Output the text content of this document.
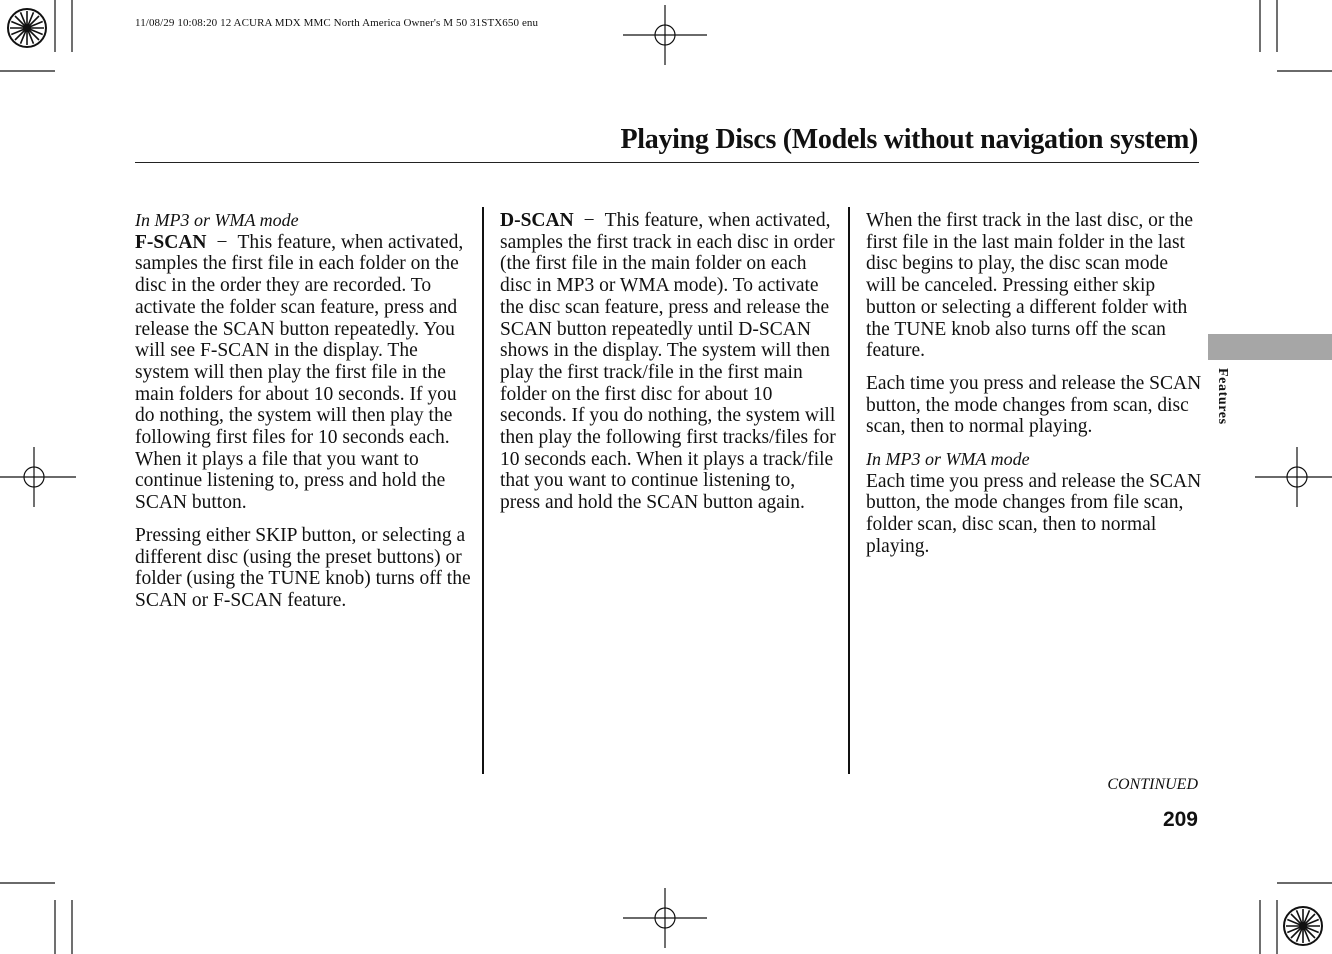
11/08/29 10:08:20 12 ACURA MDX MMC North America Owner's M 50 31STX650 enu
Playing Discs (Models without navigation system)
Features

In MP3 or WMA mode
F-SCAN − This feature, when activated, samples the first file in each folder on the disc in the order they are recorded. To activate the folder scan feature, press and release the SCAN button repeatedly. You will see F-SCAN in the display. The system will then play the first file in the main folders for about 10 seconds. If you do nothing, the system will then play the following first files for 10 seconds each. When it plays a file that you want to continue listening to, press and hold the SCAN button.

Pressing either SKIP button, or selecting a different disc (using the preset buttons) or folder (using the TUNE knob) turns off the SCAN or F-SCAN feature.

D-SCAN − This feature, when activated, samples the first track in each disc in order (the first file in the main folder on each disc in MP3 or WMA mode). To activate the disc scan feature, press and release the SCAN button repeatedly until D-SCAN shows in the display. The system will then play the first track/file in the first main folder on the first disc for about 10 seconds. If you do nothing, the system will then play the following first tracks/files for 10 seconds each. When it plays a track/file that you want to continue listening to, press and hold the SCAN button again.

When the first track in the last disc, or the first file in the last main folder in the last disc begins to play, the disc scan mode will be canceled. Pressing either skip button or selecting a different folder with the TUNE knob also turns off the scan feature.

Each time you press and release the SCAN button, the mode changes from scan, disc scan, then to normal playing.

In MP3 or WMA mode
Each time you press and release the SCAN button, the mode changes from file scan, folder scan, disc scan, then to normal playing.

CONTINUED
209
